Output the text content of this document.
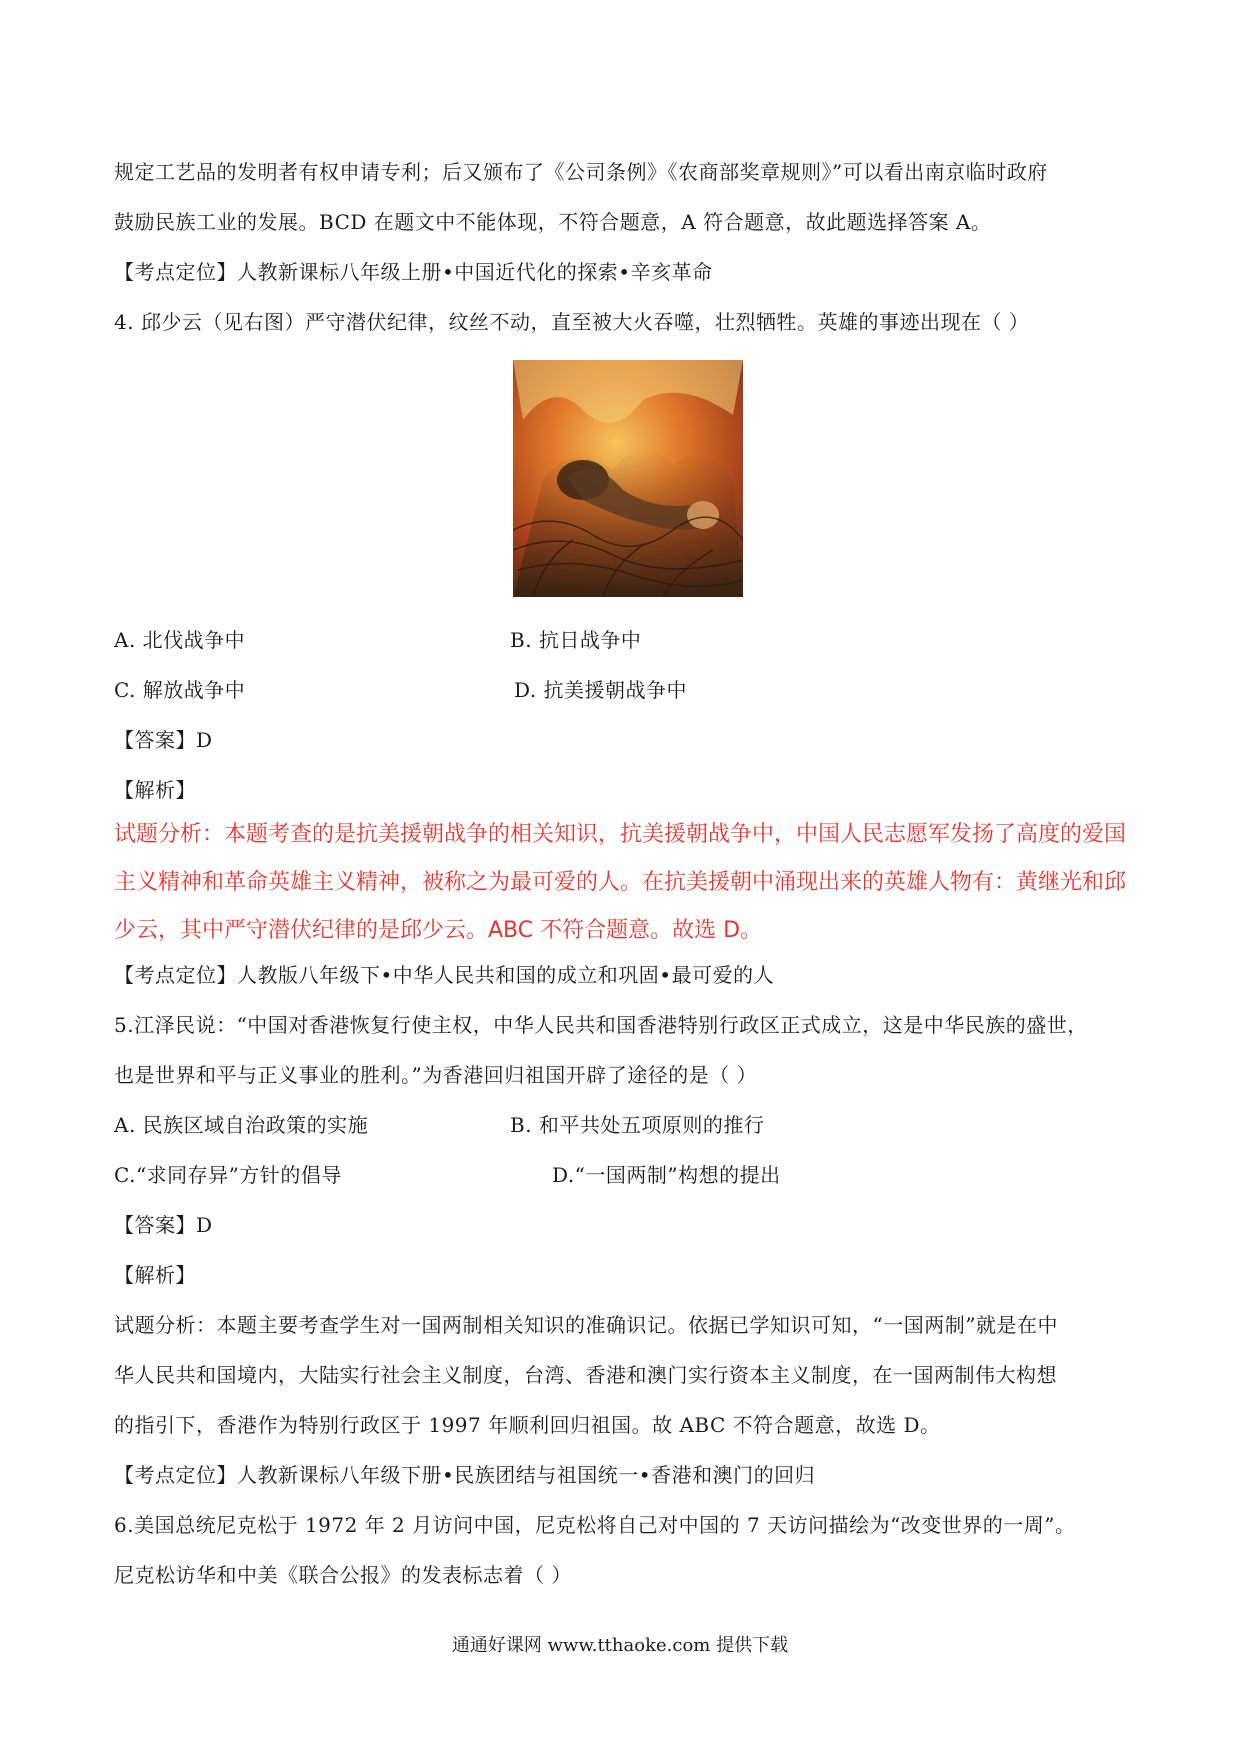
规定工艺品的发明者有权申请专利；后又颁布了《公司条例》《农商部奖章规则》”可以看出南京临时政府
鼓励民族工业的发展。BCD 在题文中不能体现，不符合题意，A 符合题意，故此题选择答案 A。
【考点定位】人教新课标八年级上册•中国近代化的探索•辛亥革命
4. 邱少云（见右图）严守潜伏纪律，纹丝不动，直至被大火吞噬，壮烈牺牲。英雄的事迹出现在（ ）
A. 北伐战争中	B. 抗日战争中
C. 解放战争中	D. 抗美援朝战争中
【答案】D
【解析】
试题分析：本题考查的是抗美援朝战争的相关知识，抗美援朝战争中，中国人民志愿军发扬了高度的爱国
主义精神和革命英雄主义精神，被称之为最可爱的人。在抗美援朝中涌现出来的英雄人物有：黄继光和邱
少云，其中严守潜伏纪律的是邱少云。ABC 不符合题意。故选 D。
【考点定位】人教版八年级下•中华人民共和国的成立和巩固•最可爱的人
5.江泽民说：“中国对香港恢复行使主权，中华人民共和国香港特别行政区正式成立，这是中华民族的盛世，
也是世界和平与正义事业的胜利。”为香港回归祖国开辟了途径的是（ ）
A. 民族区域自治政策的实施	B. 和平共处五项原则的推行
C.“求同存异”方针的倡导	D.“一国两制”构想的提出
【答案】D
【解析】
试题分析：本题主要考查学生对一国两制相关知识的准确识记。依据已学知识可知，“一国两制”就是在中
华人民共和国境内，大陆实行社会主义制度，台湾、香港和澳门实行资本主义制度，在一国两制伟大构想
的指引下，香港作为特别行政区于 1997 年顺利回归祖国。故 ABC 不符合题意，故选 D。
【考点定位】人教新课标八年级下册•民族团结与祖国统一•香港和澳门的回归
6.美国总统尼克松于 1972 年 2 月访问中国，尼克松将自己对中国的 7 天访问描绘为“改变世界的一周”。
尼克松访华和中美《联合公报》的发表标志着（ ）
通通好课网 www.tthaoke.com 提供下载
